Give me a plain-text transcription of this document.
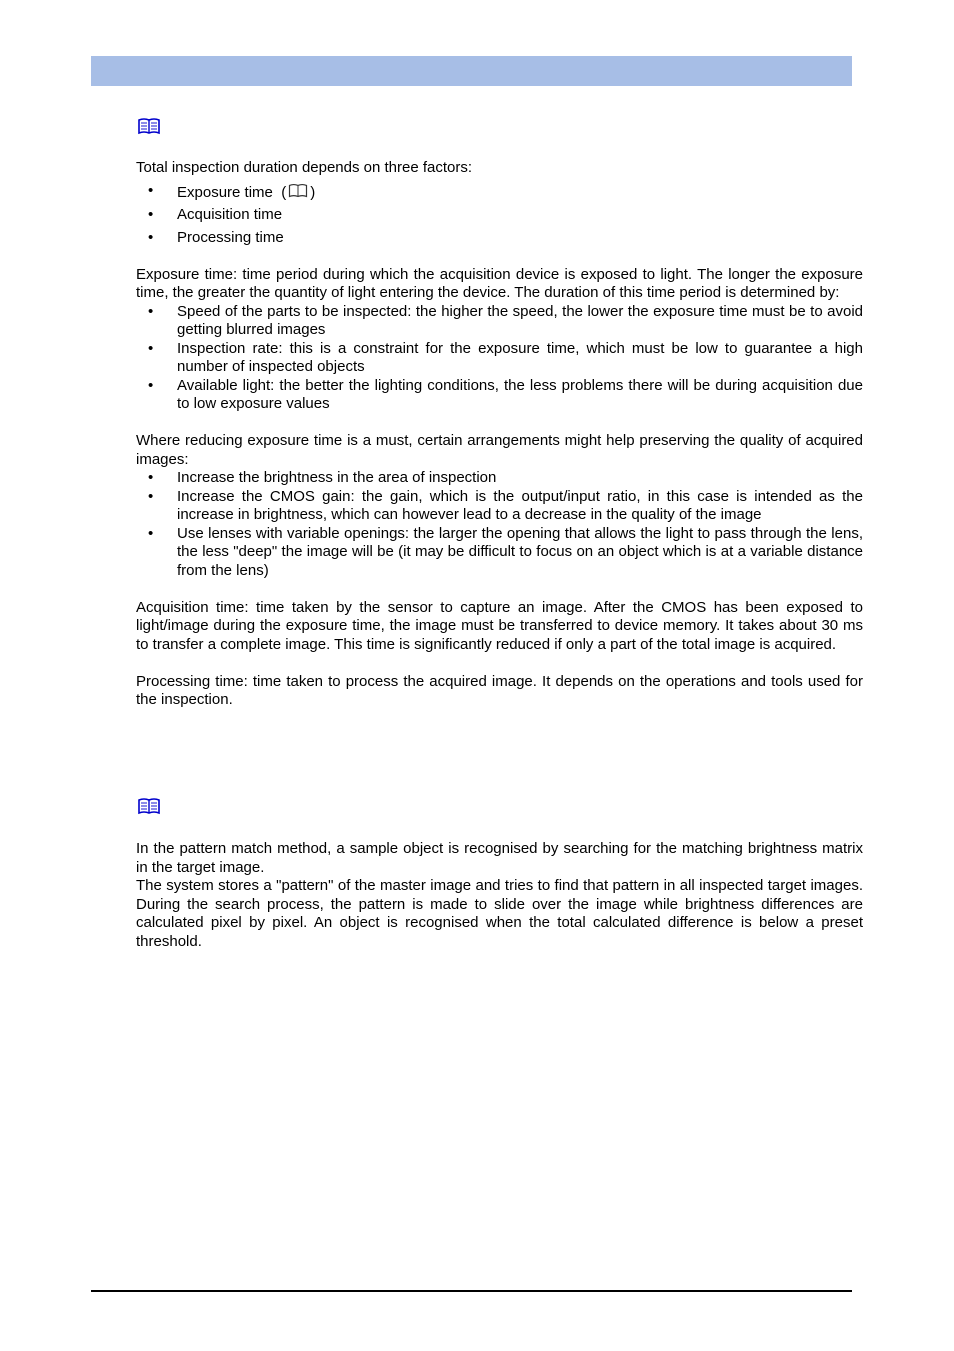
Total inspection duration depends on three factors:

• Exposure time ( )
• Acquisition time
• Processing time

Exposure time: time period during which the acquisition device is exposed to light. The longer the exposure time, the greater the quantity of light entering the device. The duration of this time period is determined by:

• Speed of the parts to be inspected: the higher the speed, the lower the exposure time must be to avoid getting blurred images
• Inspection rate: this is a constraint for the exposure time, which must be low to guarantee a high number of inspected objects
• Available light: the better the lighting conditions, the less problems there will be during acquisition due to low exposure values

Where reducing exposure time is a must, certain arrangements might help preserving the quality of acquired images:

• Increase the brightness in the area of inspection
• Increase the CMOS gain: the gain, which is the output/input ratio, in this case is intended as the increase in brightness, which can however lead to a decrease in the quality of the image
• Use lenses with variable openings: the larger the opening that allows the light to pass through the lens, the less "deep" the image will be (it may be difficult to focus on an object which is at a variable distance from the lens)

Acquisition time: time taken by the sensor to capture an image. After the CMOS has been exposed to light/image during the exposure time, the image must be transferred to device memory. It takes about 30 ms to transfer a complete image. This time is significantly reduced if only a part of the total image is acquired.

Processing time: time taken to process the acquired image. It depends on the operations and tools used for the inspection.

In the pattern match method, a sample object is recognised by searching for the matching brightness matrix in the target image.

The system stores a "pattern" of the master image and tries to find that pattern in all inspected target images. During the search process, the pattern is made to slide over the image while brightness differences are calculated pixel by pixel. An object is recognised when the total calculated difference is below a preset threshold.
